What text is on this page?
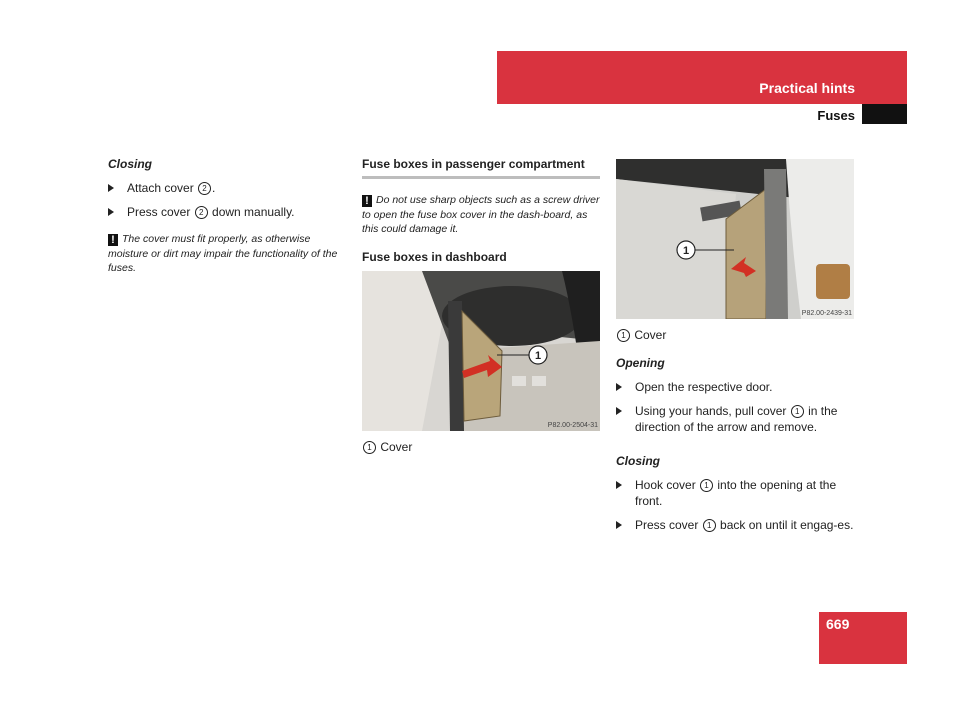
Practical hints
Fuses
Closing
Attach cover 2 .
Press cover 2 down manually.
! The cover must fit properly, as otherwise moisture or dirt may impair the functionality of the fuses.
Fuse boxes in passenger compartment
! Do not use sharp objects such as a screw driver to open the fuse box cover in the dash-board, as this could damage it.
Fuse boxes in dashboard
1
P82.00-2504-31
1 Cover
1
P82.00-2439-31
1 Cover
Opening
Open the respective door.
Using your hands, pull cover 1 in the direction of the arrow and remove.
Closing
Hook cover 1 into the opening at the front.
Press cover 1 back on until it engag-es.
669
